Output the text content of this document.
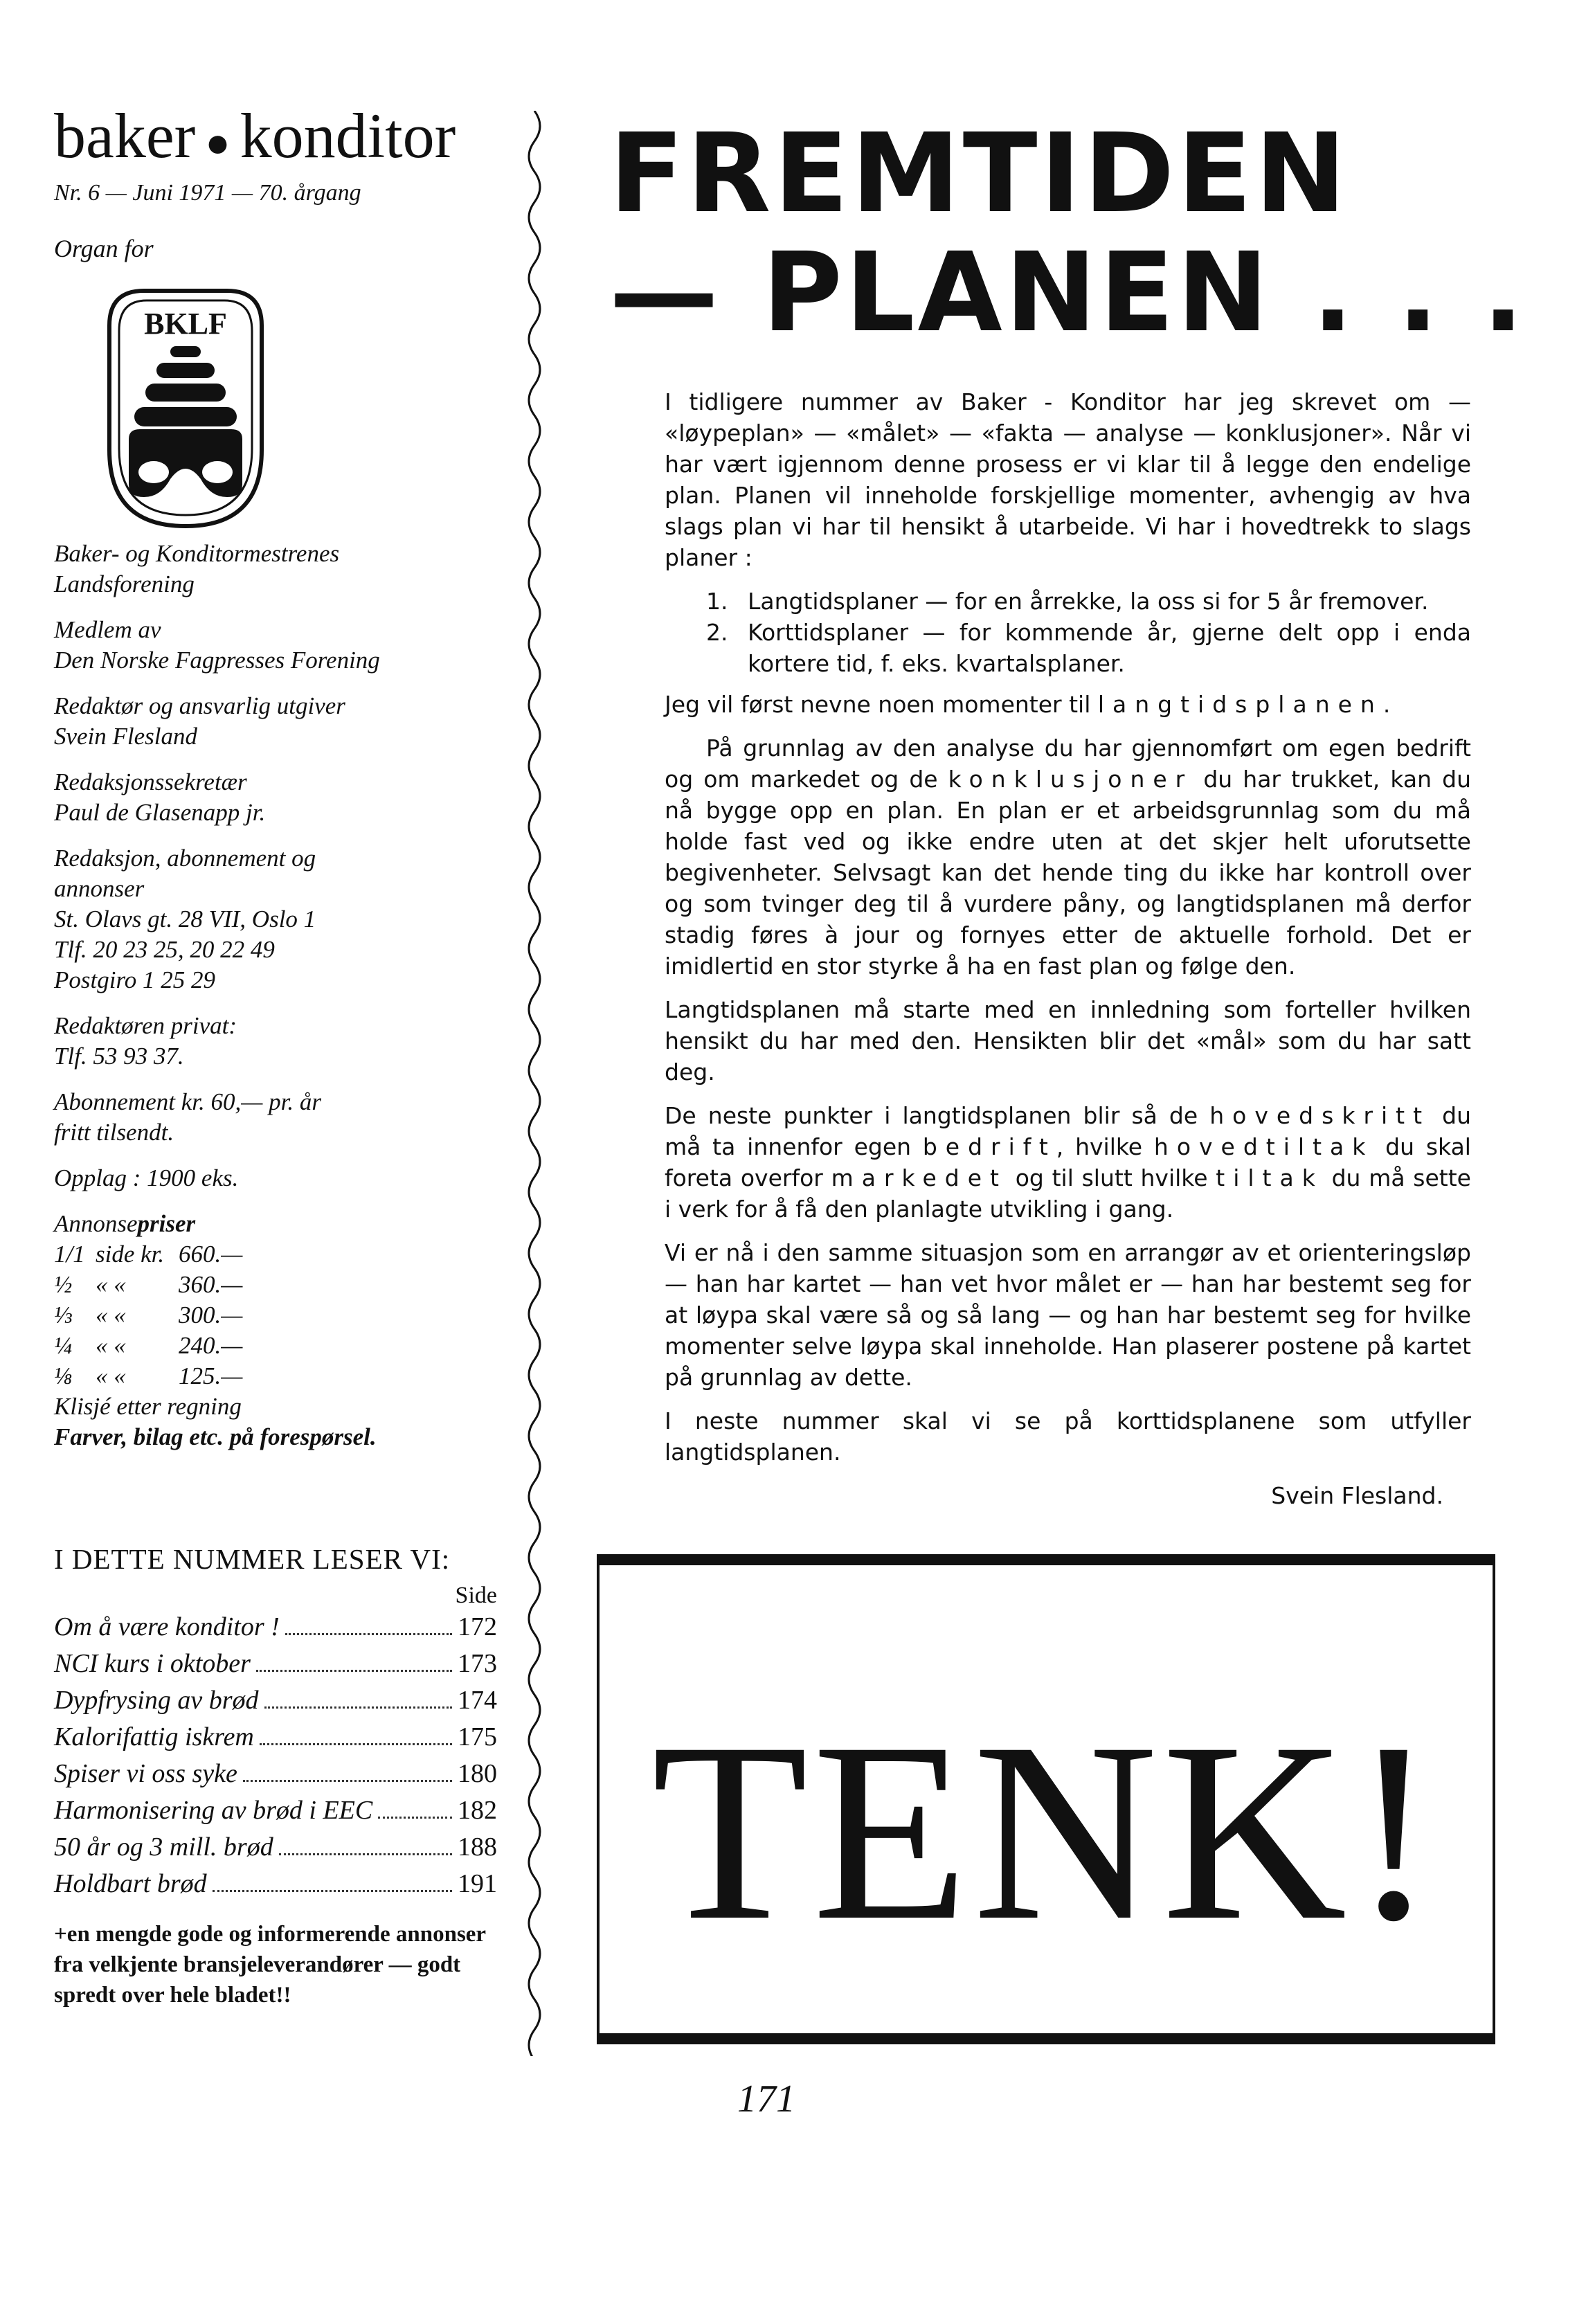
baker ● konditor
Nr. 6 — Juni 1971 — 70. årgang
Organ for
BKLF
Baker- og Konditormestrenes
Landsforening
Medlem av
Den Norske Fagpresses Forening
Redaktør og ansvarlig utgiver
Svein Flesland
Redaksjonssekretær
Paul de Glasenapp jr.
Redaksjon, abonnement og
annonser
St. Olavs gt. 28 VII, Oslo 1
Tlf. 20 23 25, 20 22 49
Postgiro 1 25 29
Redaktøren privat:
Tlf. 53 93 37.
Abonnement kr. 60,— pr. år
fritt tilsendt.
Opplag : 1900 eks.
Annonsepriser
1/1 side kr. 660.—
½ « «	360.—
⅓ « «	300.—
¼ « «	240.—
⅛ « «	125.—
Klisjé etter regning
Farver, bilag etc. på forespørsel.
I DETTE NUMMER LESER VI:
Side
Om å være konditor !	172
NCI kurs i oktober	173
Dypfrysing av brød	174
Kalorifattig iskrem	175
Spiser vi oss syke	180
Harmonisering av brød i EEC	182
50 år og 3 mill. brød	188
Holdbart brød	191
+en mengde gode og informerende annonser fra velkjente bransjeleverandører — godt spredt over hele bladet!!
FREMTIDEN
— PLANEN . . .

I tidligere nummer av Baker - Konditor har jeg skrevet om — «løypeplan» — «målet» — «fakta — analyse — konklusjoner». Når vi har vært igjennom denne prosess er vi klar til å legge den endelige plan. Planen vil inneholde forskjellige momenter, avhengig av hva slags plan vi har til hensikt å utarbeide. Vi har i hovedtrekk to slags planer :

1. Langtidsplaner — for en årrekke, la oss si for 5 år fremover.
2. Korttidsplaner — for kommende år, gjerne delt opp i enda kortere tid, f. eks. kvartalsplaner.

Jeg vil først nevne noen momenter til langtidsplanen.

På grunnlag av den analyse du har gjennomført om egen bedrift og om markedet og de konklusjoner du har trukket, kan du nå bygge opp en plan. En plan er et arbeidsgrunnlag som du må holde fast ved og ikke endre uten at det skjer helt uforutsette begivenheter. Selvsagt kan det hende ting du ikke har kontroll over og som tvinger deg til å vurdere påny, og langtidsplanen må derfor stadig føres à jour og fornyes etter de aktuelle forhold. Det er imidlertid en stor styrke å ha en fast plan og følge den.

Langtidsplanen må starte med en innledning som forteller hvilken hensikt du har med den. Hensikten blir det «mål» som du har satt deg.

De neste punkter i langtidsplanen blir så de hovedskritt du må ta innenfor egen bedrift, hvilke hovedtiltak du skal foreta overfor markedet og til slutt hvilke tiltak du må sette i verk for å få den planlagte utvikling i gang.

Vi er nå i den samme situasjon som en arrangør av et orienteringsløp — han har kartet — han vet hvor målet er — han har bestemt seg for at løypa skal være så og så lang — og han har bestemt seg for hvilke momenter selve løypa skal inneholde. Han plaserer postene på kartet på grunnlag av dette.

I neste nummer skal vi se på korttidsplanene som utfyller langtidsplanen.

Svein Flesland.
TENK!
171
